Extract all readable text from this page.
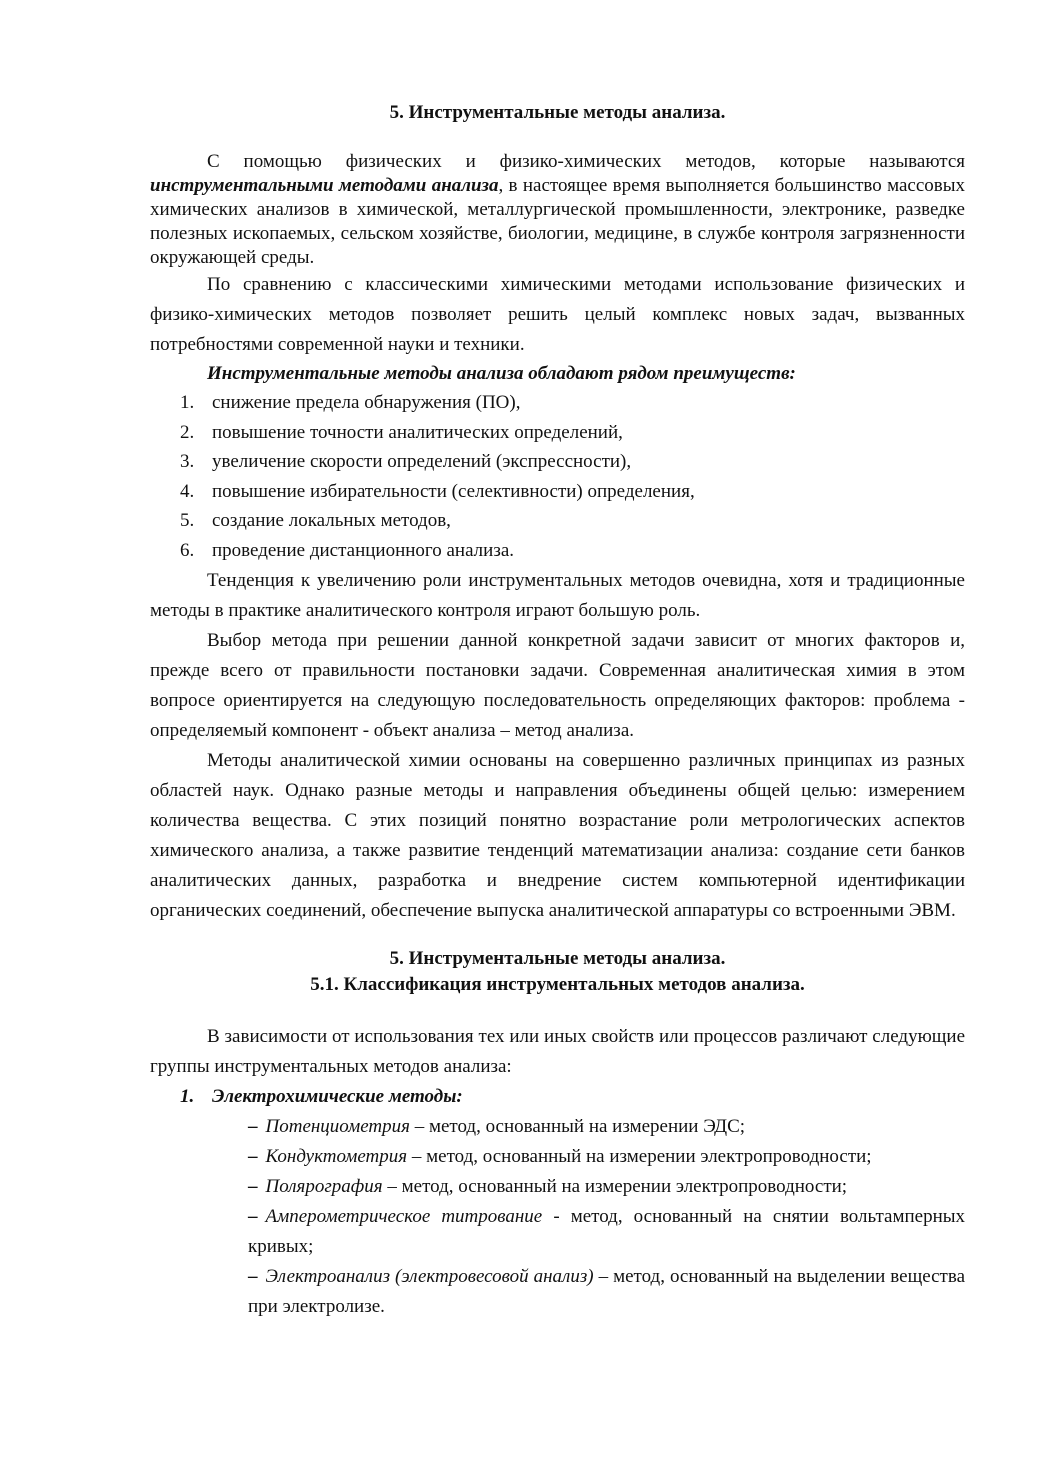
5. Инструментальные методы анализа.

С помощью физических и физико-химических методов, которые называются инструментальными методами анализа, в настоящее время выполняется большинство массовых химических анализов в химической, металлургической промышленности, электронике, разведке полезных ископаемых, сельском хозяйстве, биологии, медицине, в службе контроля загрязненности окружающей среды.

По сравнению с классическими химическими методами использование физических и физико-химических методов позволяет решить целый комплекс новых задач, вызванных потребностями современной науки и техники.

Инструментальные методы анализа обладают рядом преимуществ:

1. снижение предела обнаружения (ПО),
2. повышение точности аналитических определений,
3. увеличение скорости определений (экспрессности),
4. повышение избирательности (селективности) определения,
5. создание локальных методов,
6. проведение дистанционного анализа.

Тенденция к увеличению роли инструментальных методов очевидна, хотя и традиционные методы в практике аналитического контроля играют большую роль.

Выбор метода при решении данной конкретной задачи зависит от многих факторов и, прежде всего от правильности постановки задачи. Современная аналитическая химия в этом вопросе ориентируется на следующую последовательность определяющих факторов: проблема - определяемый компонент - объект анализа – метод анализа.

Методы аналитической химии основаны на совершенно различных принципах из разных областей наук. Однако разные методы и направления объединены общей целью: измерением количества вещества. С этих позиций понятно возрастание роли метрологических аспектов химического анализа, а также развитие тенденций математизации анализа: создание сети банков аналитических данных, разработка и внедрение систем компьютерной идентификации органических соединений, обеспечение выпуска аналитической аппаратуры со встроенными ЭВМ.

5. Инструментальные методы анализа.

5.1. Классификация инструментальных методов анализа.

В зависимости от использования тех или иных свойств или процессов различают следующие группы инструментальных методов анализа:

1. Электрохимические методы:

– Потенциометрия – метод, основанный на измерении ЭДС;
– Кондуктометрия – метод, основанный на измерении электропроводности;
– Полярография – метод, основанный на измерении электропроводности;
– Амперометрическое титрование - метод, основанный на снятии вольтамперных кривых;
– Электроанализ (электровесовой анализ) – метод, основанный на выделении вещества при электролизе.
